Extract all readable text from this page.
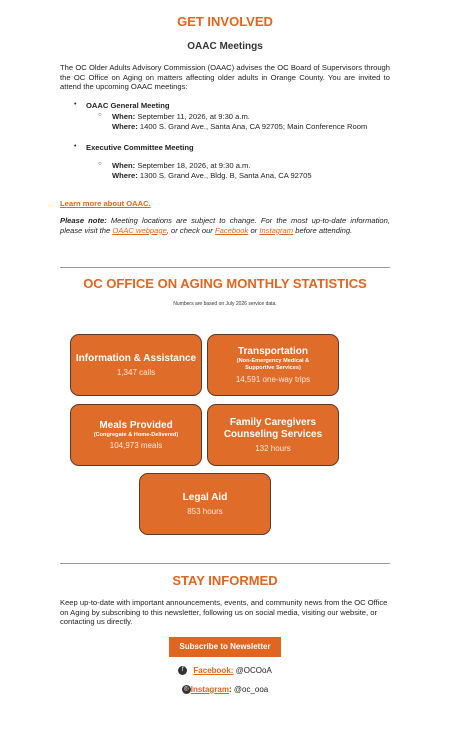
GET INVOLVED
OAAC Meetings
The OC Older Adults Advisory Commission (OAAC) advises the OC Board of Supervisors through the OC Office on Aging on matters affecting older adults in Orange County. You are invited to attend the upcoming OAAC meetings:
• OAAC General Meeting
○ When: September 11, 2026, at 9:30 a.m.
Where: 1400 S. Grand Ave., Santa Ana, CA 92705; Main Conference Room
• Executive Committee Meeting
○ When: September 18, 2026, at 9:30 a.m.
Where: 1300 S. Grand Ave., Bldg. B, Santa Ana, CA 92705
Learn more about OAAC.
Please note: Meeting locations are subject to change. For the most up-to-date information, please visit the OAAC webpage, or check our Facebook or Instagram before attending.
OC OFFICE ON AGING MONTHLY STATISTICS
Numbers are based on July 2026 service data.
Information & Assistance
1,347 calls
Transportation
(Non-Emergency Medical & Supportive Services)
14,591 one-way trips
Meals Provided
(Congregate & Home-Delivered)
104,973 meals
Family Caregivers Counseling Services
132 hours
Legal Aid
853 hours
STAY INFORMED
Keep up-to-date with important announcements, events, and community news from the OC Office on Aging by subscribing to this newsletter, following us on social media, visiting our website, or contacting us directly.
Subscribe to Newsletter
f Facebook: @OCOoA
◎ Instagram: @oc_ooa
